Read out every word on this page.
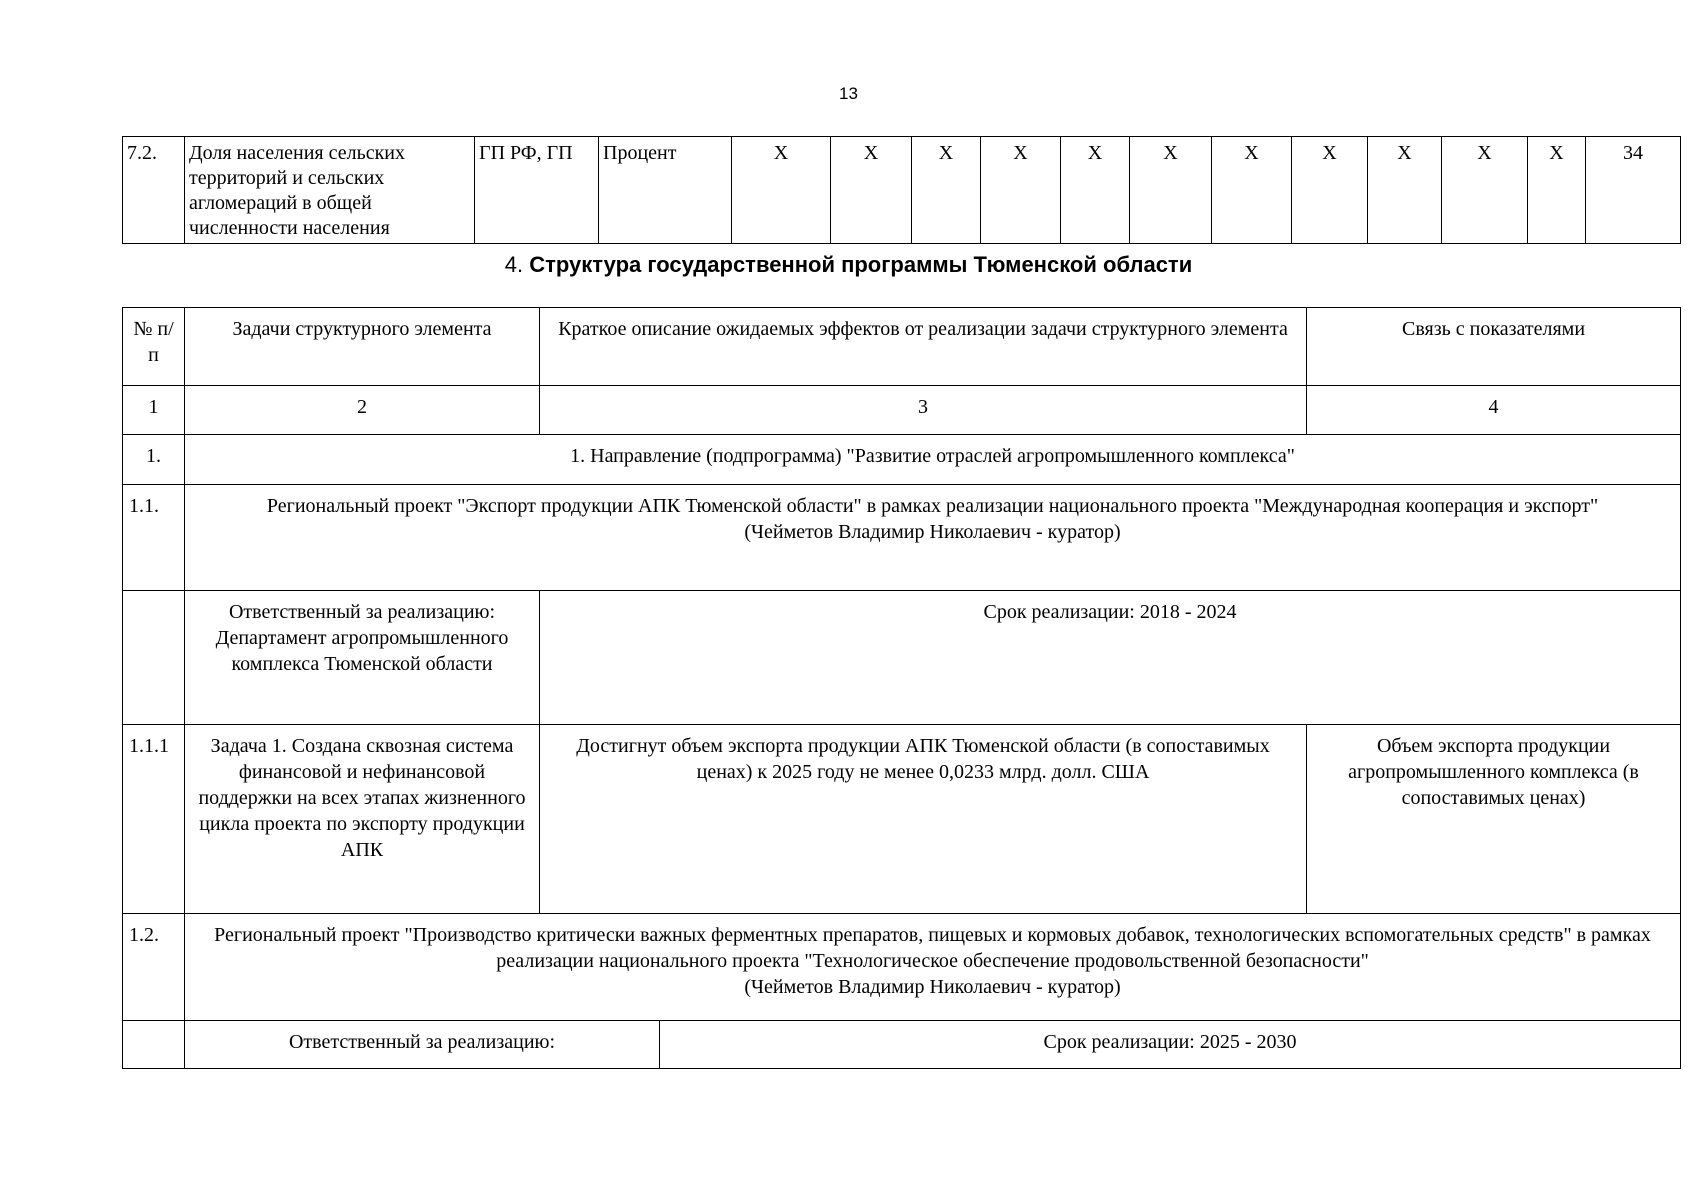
13
7.2.	Доля населения сельских территорий и сельских агломераций в общей численности населения	ГП РФ, ГП	Процент	X	X	X	X	X	X	X	X	X	X	X	34
4. Структура государственной программы Тюменской области
№ п/п	Задачи структурного элемента	Краткое описание ожидаемых эффектов от реализации задачи структурного элемента		Связь с показателями
1	2	3		4
1.	1. Направление (подпрограмма) "Развитие отраслей агропромышленного комплекса"			
1.1.	Региональный проект "Экспорт продукции АПК Тюменской области" в рамках реализации национального проекта "Международная кооперация и экспорт"
(Чейметов Владимир Николаевич - куратор)			

	Ответственный за реализацию: Департамент агропромышленного комплекса Тюменской области	Срок реализации: 2018 - 2024		
1.1.1	Задача 1. Создана сквозная система финансовой и нефинансовой поддержки на всех этапах жизненного цикла проекта по экспорту продукции АПК	Достигнут объем экспорта продукции АПК Тюменской области (в сопоставимых ценах) к 2025 году не менее 0,0233 млрд. долл. США		Объем экспорта продукции агропромышленного комплекса (в сопоставимых ценах)
1.2.	Региональный проект "Производство критически важных ферментных препаратов, пищевых и кормовых добавок, технологических вспомогательных средств" в рамках реализации национального проекта "Технологическое обеспечение продовольственной безопасности"
(Чейметов Владимир Николаевич - куратор)			

	Ответственный за реализацию:		Срок реализации: 2025 - 2030	
